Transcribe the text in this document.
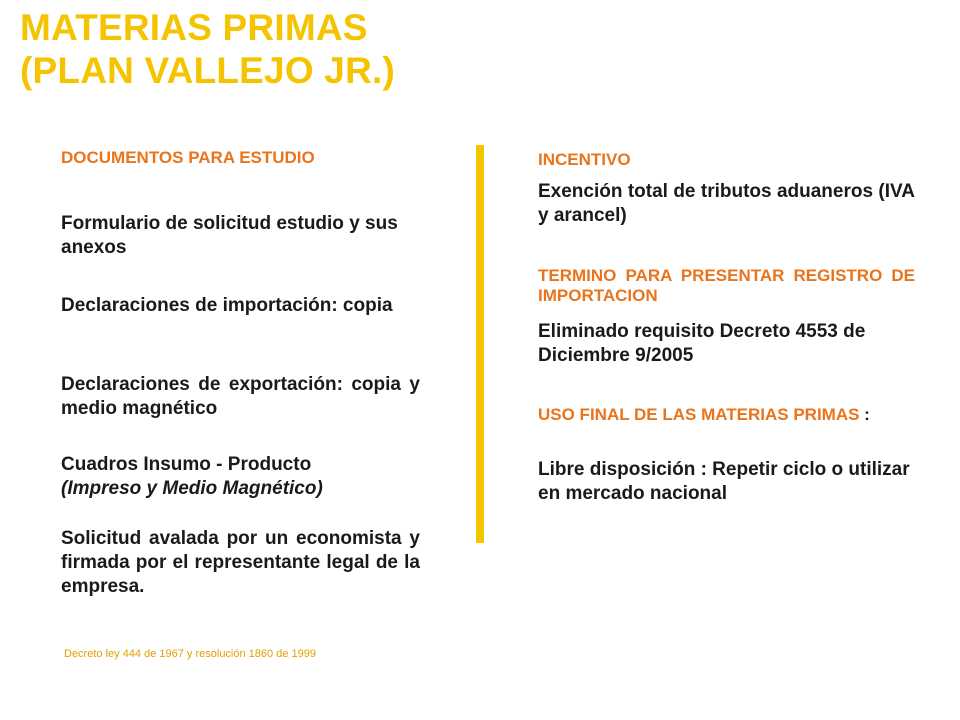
MATERIAS PRIMAS
(PLAN VALLEJO JR.)
DOCUMENTOS PARA ESTUDIO
Formulario de solicitud estudio y sus anexos
Declaraciones de importación: copia
Declaraciones de exportación: copia y medio magnético
Cuadros Insumo - Producto
(Impreso y Medio Magnético)
Solicitud avalada por un economista y firmada por el representante legal de la empresa.
Decreto ley 444 de 1967 y resolución 1860 de 1999
INCENTIVO
Exención total de tributos aduaneros (IVA y arancel)
TERMINO PARA PRESENTAR REGISTRO DE IMPORTACION
Eliminado requisito Decreto 4553 de Diciembre 9/2005
USO FINAL DE LAS MATERIAS PRIMAS :
Libre disposición : Repetir ciclo o utilizar en mercado nacional
